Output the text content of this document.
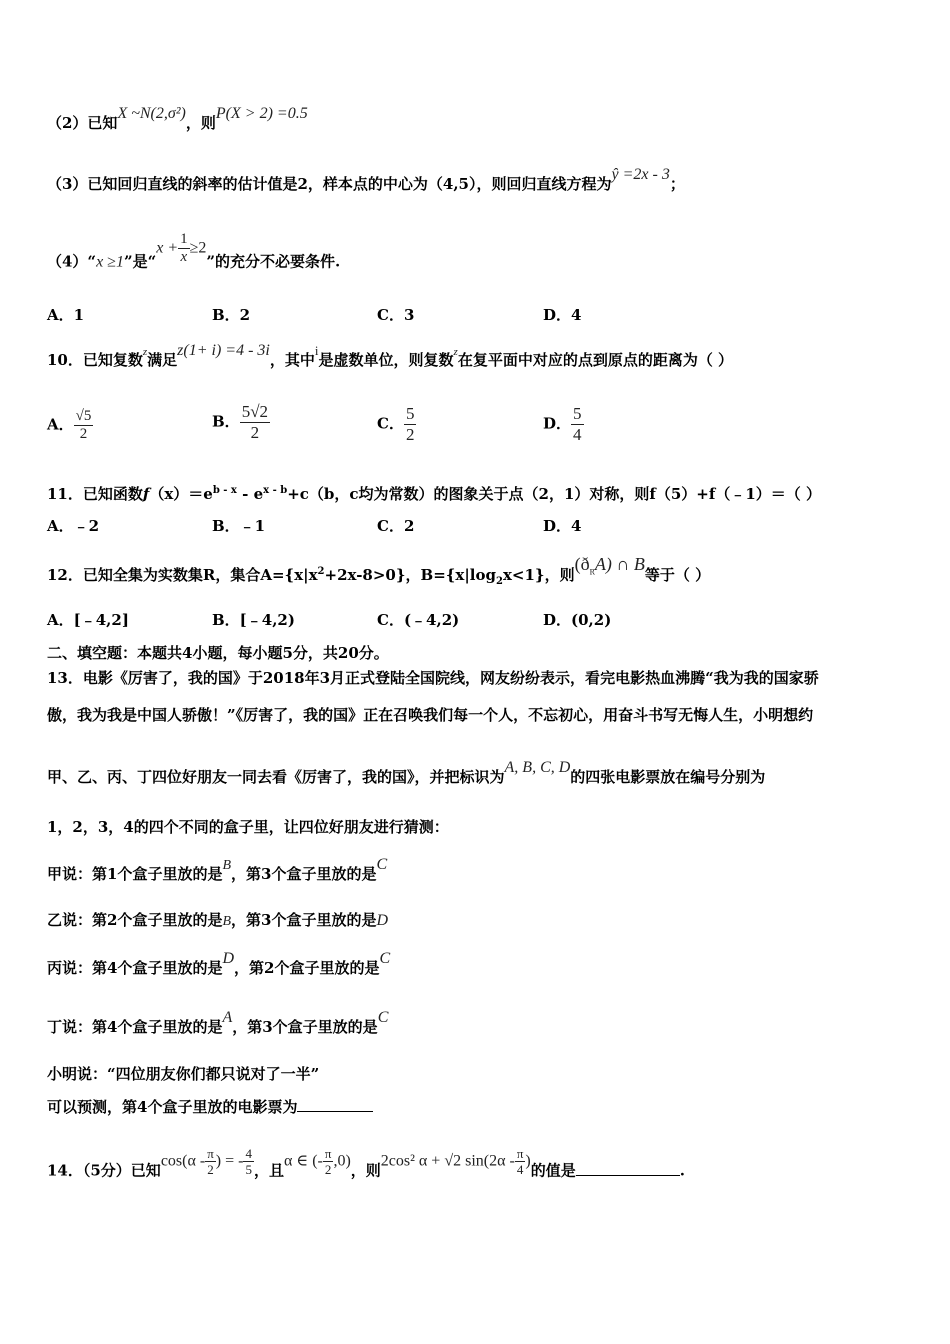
（2）已知X ~N(2,σ²)，则P(X > 2) =0.5
（3）已知回归直线的斜率的估计值是2，样本点的中心为（4,5），则回归直线方程为ŷ =2x - 3；
（4）“x ≥1”是“$x + \frac{1}{x} \ge 2$”的充分不必要条件.
A．1	B．2	C．3	D．4
10．已知复数$^z$满足z(1+ i) =4 - 3i，其中i是虚数单位，则复数$^z$在复平面中对应的点到原点的距离为（ ）
A． $\frac{√5}{2}$	B． $\frac{5√2}{2}$	C． $\frac{5}{2}$	D． $\frac{5}{4}$
11．已知函数$f(x)=e^{b - x} - e^{x - b}+c(b$，c均为常数）的图象关于点（2，1）对称，则f（5）+f（﹣1）＝（ ）
A．﹣2	B．﹣1	C．2	D．4
12．已知全集为实数集R，集合$A=\{x|x^2+2x-8>0\}$，$B=\{x|\log_2x<1\}$，则$(ð_RA)$ ∩ B等于（ ）
A．[﹣4,2]	B．[﹣4,2)	C．(﹣4,2)	D．(0,2)
二、填空题：本题共4小题，每小题5分，共20分。
13．电影《厉害了，我的国》于2018年3月正式登陆全国院线，网友纷纷表示，看完电影热血沸腾“我为我的国家骄
傲，我为我是中国人骄傲！”《厉害了，我的国》正在召唤我们每一个人，不忘初心，用奋斗书写无悔人生，小明想约
甲、乙、丙、丁四位好朋友一同去看《厉害了，我的国》，并把标识为A, B, C, D的四张电影票放在编号分别为
1，2，3，4的四个不同的盒子里，让四位好朋友进行猜测：
甲说：第1个盒子里放的是B，第3个盒子里放的是C
乙说：第2个盒子里放的是B，第3个盒子里放的是D
丙说：第4个盒子里放的是D，第2个盒子里放的是C
丁说：第4个盒子里放的是A，第3个盒子里放的是C
小明说：“四位朋友你们都只说对了一半”
可以预测，第4个盒子里放的电影票为
14．（5分）已知$\cos(\alpha - \frac{\pi}{2}$ ) = - $\frac{4}{5}$ ，且α ∈ (- $\frac{\pi}{2} ,0$)，则2cos² α + √2 $\sin(2\alpha - \frac{\pi}{4}$ )的值是	.
